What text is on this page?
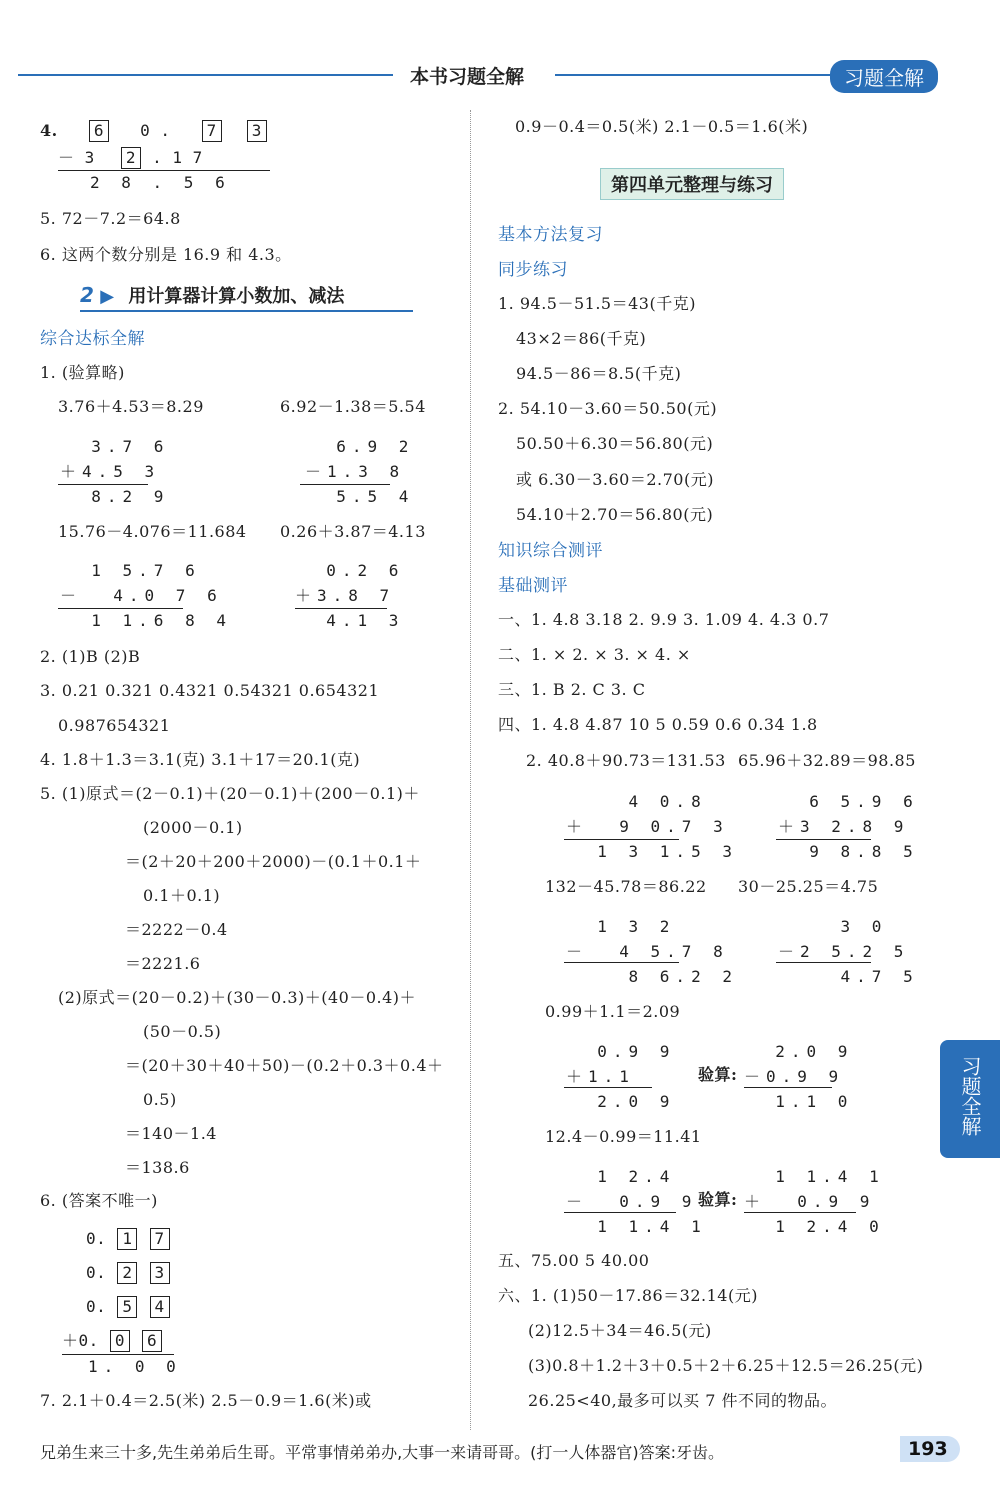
本书习题全解	习题全解
4.	6 0 . 7 3
－ 3 2 . 1 7
2 8 . 5 6
5. 72－7.2＝64.8
6. 这两个数分别是 16.9 和 4.3。
2 ▶ 用计算器计算小数加、减法
综合达标全解
1. (验算略)
3.76＋4.53＝8.29	6.92－1.38＝5.54
3.7 6
＋4.5 3
8.2 9
6.9 2
－1.3 8
5.5 4
15.76－4.076＝11.684 0.26＋3.87＝4.13
1 5.7 6
－  4.0 7 6
1 1.6 8 4
0.2 6
＋3.8 7
4.1 3
2. (1)B (2)B
3. 0.21 0.321 0.4321 0.54321 0.654321
0.987654321
4. 1.8＋1.3＝3.1(克) 3.1＋17＝20.1(克)
5. (1)原式＝(2－0.1)＋(20－0.1)＋(200－0.1)＋
(2000－0.1)
＝(2＋20＋200＋2000)－(0.1＋0.1＋
0.1＋0.1)
＝2222－0.4
＝2221.6
(2)原式＝(20－0.2)＋(30－0.3)＋(40－0.4)＋
(50－0.5)
＝(20＋30＋40＋50)－(0.2＋0.3＋0.4＋
0.5)
＝140－1.4
＝138.6
6. (答案不唯一)
0. 1 7
0. 2 3
0. 5 4
＋0. 0 6
1. 0 0
7. 2.1＋0.4＝2.5(米) 2.5－0.9＝1.6(米)或
0.9－0.4＝0.5(米) 2.1－0.5＝1.6(米)
第四单元整理与练习
基本方法复习
同步练习
1. 94.5－51.5＝43(千克)
43×2＝86(千克)
94.5－86＝8.5(千克)
2. 54.10－3.60＝50.50(元)
50.50＋6.30＝56.80(元)
或 6.30－3.60＝2.70(元)
54.10＋2.70＝56.80(元)
知识综合测评
基础测评
一、1. 4.8 3.18 2. 9.9 3. 1.09 4. 4.3 0.7
二、1. × 2. × 3. × 4. ×
三、1. B 2. C 3. C
四、1. 4.8 4.87 10 5 0.59 0.6 0.34 1.8
2. 40.8＋90.73＝131.53 65.96＋32.89＝98.85
4 0.8
＋  9 0.7 3
1 3 1.5 3
6 5.9 6
＋3 2.8 9
9 8.8 5
132－45.78＝86.22 30－25.25＝4.75
1 3 2
－  4 5.7 8
8 6.2 2
3 0
－2 5.2 5
4.7 5
0.99＋1.1＝2.09
0.9 9
＋1.1
2.0 9
验算:
2.0 9
－0.9 9
1.1 0
12.4－0.99＝11.41
1 2.4
－  0.9 9
1 1.4 1
验算:
1 1.4 1
＋  0.9 9
1 2.4 0
五、75.00 5 40.00
六、1. (1)50－17.86＝32.14(元)
(2)12.5＋34＝46.5(元)
(3)0.8＋1.2＋3＋0.5＋2＋6.25＋12.5＝26.25(元)
26.25<40,最多可以买 7 件不同的物品。
习题全解
兄弟生来三十多,先生弟弟后生哥。平常事情弟弟办,大事一来请哥哥。(打一人体器官)答案:牙齿。	193
